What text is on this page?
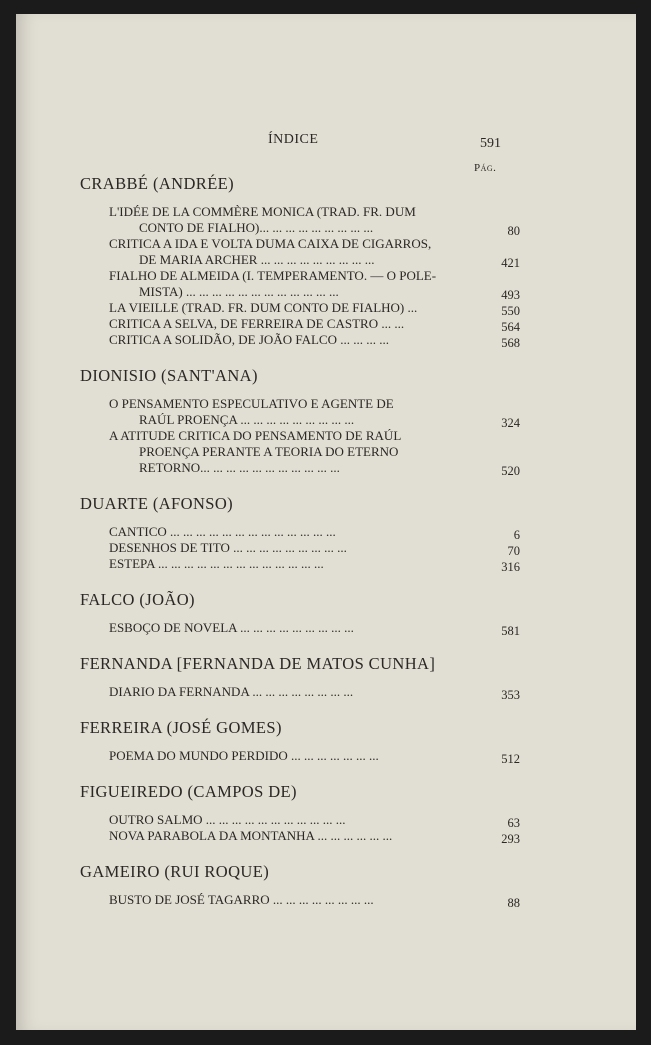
ÍNDICE	591
Pág.
CRABBÉ (ANDRÉE)
L'IDÉE DE LA COMMÈRE MONICA (TRAD. FR. DUM
CONTO DE FIALHO)... ... ... ... ... ... ... ... ...	80
CRITICA A IDA E VOLTA DUMA CAIXA DE CIGARROS,
DE MARIA ARCHER ... ... ... ... ... ... ... ... ...	421
FIALHO DE ALMEIDA (I. TEMPERAMENTO. — O POLE-
MISTA) ... ... ... ... ... ... ... ... ... ... ... ...	493
LA VIEILLE (TRAD. FR. DUM CONTO DE FIALHO) ...	550
CRITICA A SELVA, DE FERREIRA DE CASTRO ... ...	564
CRITICA A SOLIDÃO, DE JOÃO FALCO ... ... ... ...	568
DIONISIO (SANT'ANA)
O PENSAMENTO ESPECULATIVO E AGENTE DE
RAÚL PROENÇA ... ... ... ... ... ... ... ... ...	324
A ATITUDE CRITICA DO PENSAMENTO DE RAÚL
PROENÇA PERANTE A TEORIA DO ETERNO
RETORNO... ... ... ... ... ... ... ... ... ... ...	520
DUARTE (AFONSO)
CANTICO ... ... ... ... ... ... ... ... ... ... ... ... ...	6
DESENHOS DE TITO ... ... ... ... ... ... ... ... ...	70
ESTEPA ... ... ... ... ... ... ... ... ... ... ... ... ...	316
FALCO (JOÃO)
ESBOÇO DE NOVELA ... ... ... ... ... ... ... ... ...	581
FERNANDA [FERNANDA DE MATOS CUNHA]
DIARIO DA FERNANDA ... ... ... ... ... ... ... ...	353
FERREIRA (JOSÉ GOMES)
POEMA DO MUNDO PERDIDO ... ... ... ... ... ... ...	512
FIGUEIREDO (CAMPOS DE)
OUTRO SALMO ... ... ... ... ... ... ... ... ... ... ...	63
NOVA PARABOLA DA MONTANHA ... ... ... ... ... ...	293
GAMEIRO (RUI ROQUE)
BUSTO DE JOSÉ TAGARRO ... ... ... ... ... ... ... ...	88
